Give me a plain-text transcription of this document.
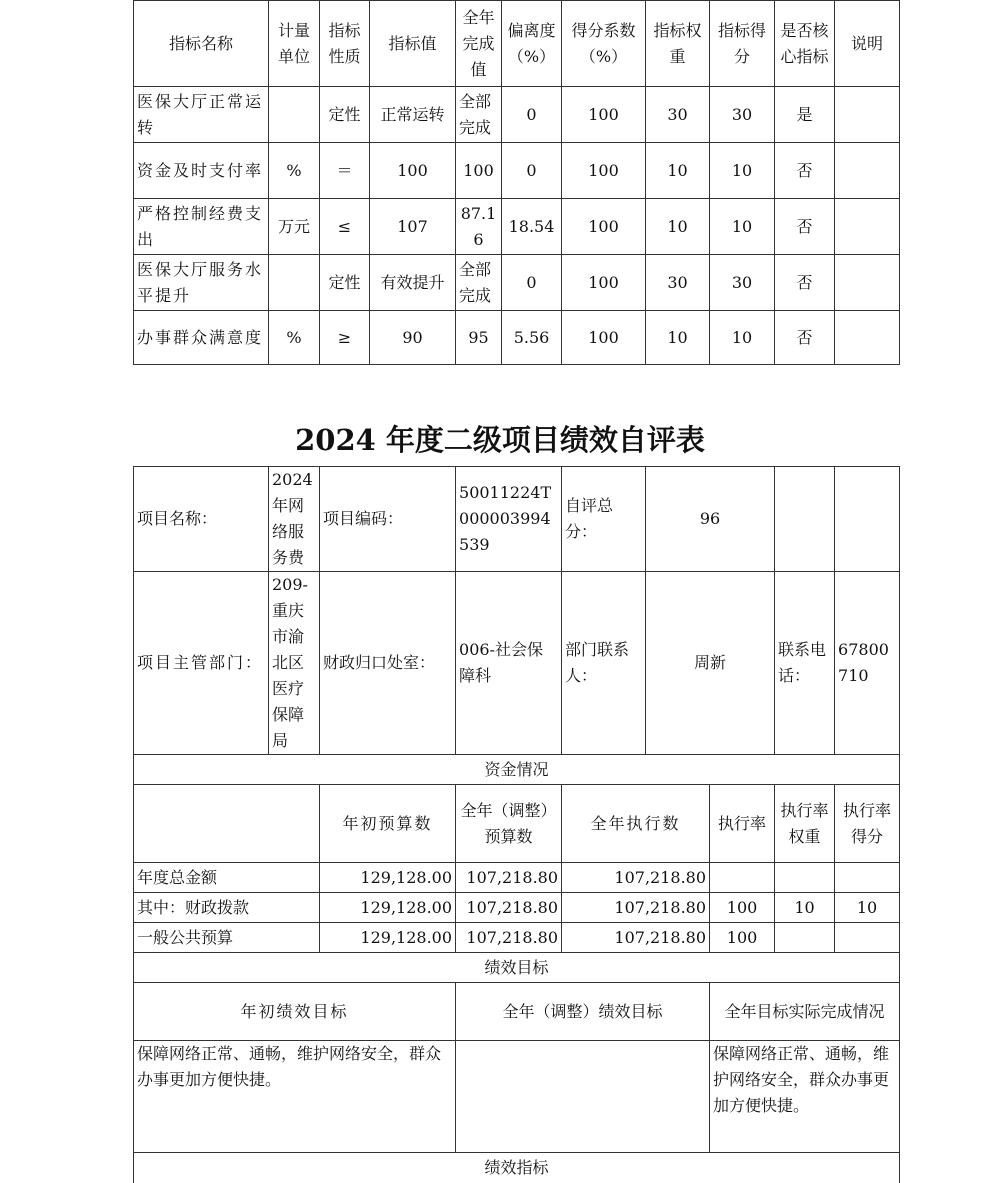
指标名称	计量单位	指标性质	指标值	全年完成值	偏离度（%）	得分系数（%）	指标权重	指标得分	是否核心指标	说明
医保大厅正常运转		定性	正常运转	全部完成	0	100	30	30	是	
资金及时支付率	%	＝	100	100	0	100	10	10	否	
严格控制经费支出	万元	≤	107	87.16	18.54	100	10	10	否	
医保大厅服务水平提升		定性	有效提升	全部完成	0	100	30	30	否	
办事群众满意度	%	≥	90	95	5.56	100	10	10	否	
2024 年度二级项目绩效自评表
项目名称：	2024 年网络服务费	项目编码：	50011224T000003994539	自评总分：	96			
项目主管部门：	209-重庆市渝北区医疗保障局	财政归口处室：	006-社会保障科	部门联系人：	周新		联系电话：	67800710
资金情况								
		年初预算数	全年（调整）预算数	全年执行数		执行率	执行率权重	执行率得分
年度总金额		129,128.00	107,218.80	107,218.80				
其中：财政拨款		129,128.00	107,218.80	107,218.80		100	10	10
一般公共预算		129,128.00	107,218.80	107,218.80		100		
绩效目标								
年初绩效目标			全年（调整）绩效目标			全年目标实际完成情况		
保障网络正常、通畅，维护网络安全，群众办事更加方便快捷。						保障网络正常、通畅，维护网络安全，群众办事更加方便快捷。		
绩效指标								
